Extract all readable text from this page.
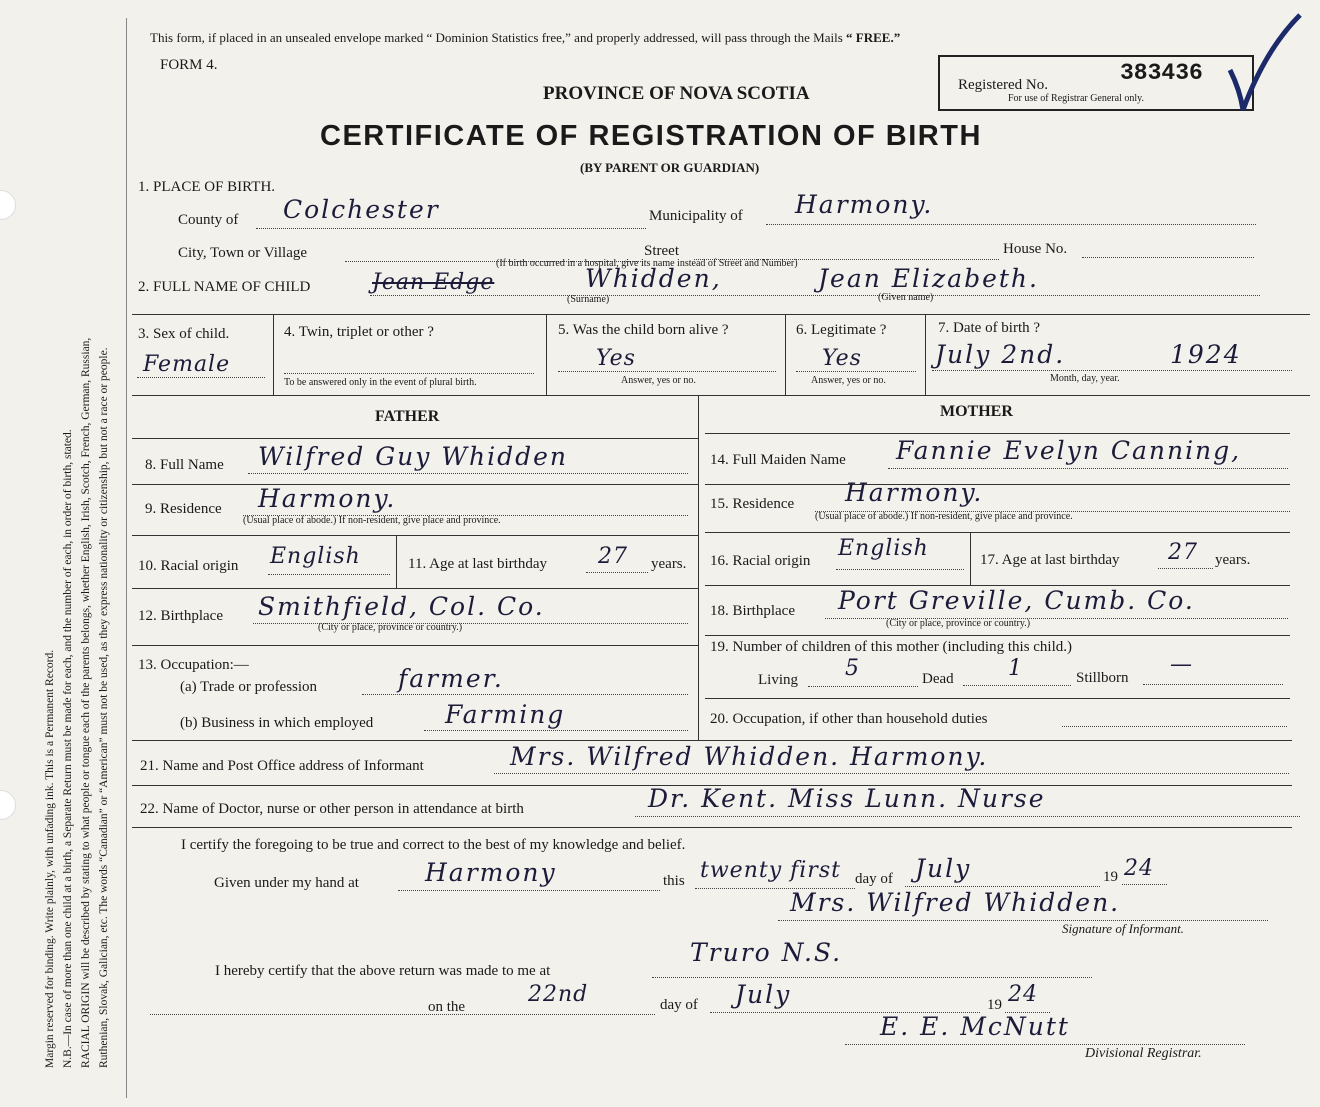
Margin reserved for binding. Write plainly, with unfading ink. This is a Permanent Record. N.B.—In case of more than one child at a birth, a Separate Return must be made for each, and the number of each, in order of birth, stated. RACIAL ORIGIN will be described by stating to what people or tongue each of the parents belongs, whether English, Irish, Scotch, French, German, Russian, Ruthenian, Slovak, Galician, etc. The words “Canadian” or “American” must not be used, as they express nationality or citizenship, but not a race or people.
This form, if placed in an unsealed envelope marked “ Dominion Statistics free,” and properly addressed, will pass through the Mails “ FREE.”
FORM 4.
PROVINCE OF NOVA SCOTIA
CERTIFICATE OF REGISTRATION OF BIRTH
(BY PARENT OR GUARDIAN)
Registered No.	383436
For use of Registrar General only.
1. PLACE OF BIRTH.
County of Colchester	Municipality of Harmony.
City, Town or Village	Street	House No.
(If birth occurred in a hospital, give its name instead of Street and Number)
2. FULL NAME OF CHILD	Jean Edge	Whidden,	Jean Elizabeth.
(Surname)	(Given name)
3. Sex of child.
Female
4. Twin, triplet or other ?
To be answered only in the event of plural birth.
5. Was the child born alive ?
Yes
Answer, yes or no.
6. Legitimate ?
Yes
Answer, yes or no.
7. Date of birth ?
July 2nd.	1924
Month, day, year.
FATHER
8. Full Name Wilfred Guy Whidden
9. Residence Harmony.
(Usual place of abode.) If non-resident, give place and province.
10. Racial origin English	11. Age at last birthday 27 years.
12. Birthplace Smithfield, Col. Co.
(City or place, province or country.)
13. Occupation:—
(a) Trade or profession	farmer.
(b) Business in which employed	Farming
MOTHER
14. Full Maiden Name Fannie Evelyn Canning,
15. Residence Harmony.
(Usual place of abode.) If non-resident, give place and province.
16. Racial origin English	17. Age at last birthday 27 years.
18. Birthplace Port Greville, Cumb. Co.
(City or place, province or country.)
19. Number of children of this mother (including this child.)
Living 5	Dead 1	Stillborn
—
20. Occupation, if other than household duties
21. Name and Post Office address of Informant	Mrs. Wilfred Whidden. Harmony.
22. Name of Doctor, nurse or other person in attendance at birth	Dr. Kent. Miss Lunn. Nurse
I certify the foregoing to be true and correct to the best of my knowledge and belief.
Given under my hand at	Harmony	this twenty first day of July	19 24
Mrs. Wilfred Whidden.
Signature of Informant.
I hereby certify that the above return was made to me at
Truro N.S.
on the	22nd	day of July	19 24
E. E. McNutt
Divisional Registrar.
